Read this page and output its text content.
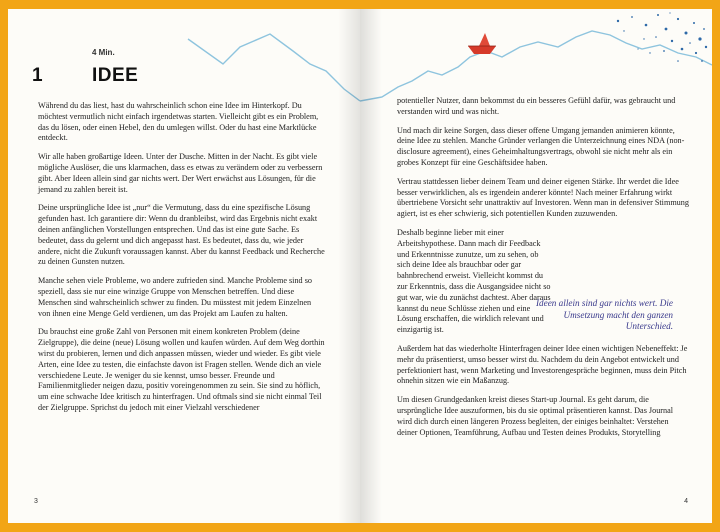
4 Min.
1	IDEE

Während du das liest, hast du wahrscheinlich schon eine Idee im Hinterkopf. Du möchtest vermutlich nicht einfach irgendetwas starten. Vielleicht gibt es ein Problem, das du lösen, oder einen Hebel, den du umlegen willst. Oder du hast eine Marktlücke entdeckt.

Wir alle haben großartige Ideen. Unter der Dusche. Mitten in der Nacht. Es gibt viele mögliche Auslöser, die uns klarmachen, dass es etwas zu verändern oder zu verbessern gibt. Aber Ideen allein sind gar nichts wert. Der Wert erwächst aus Lösungen, für die jemand zu zahlen bereit ist.

Deine ursprüngliche Idee ist „nur“ die Vermutung, dass du eine spezifische Lösung gefunden hast. Ich garantiere dir: Wenn du dranbleibst, wird das Ergebnis nicht exakt deinen anfänglichen Vorstellungen entsprechen. Und das ist eine gute Sache. Es bedeutet, dass du gelernt und dich angepasst hast. Es bedeutet, dass du, wie jeder andere, nicht die Zukunft voraussagen kannst. Aber du kannst Feedback und Recherche zu deinen Gunsten nutzen.

Manche sehen viele Probleme, wo andere zufrieden sind. Manche Probleme sind so speziell, dass sie nur eine winzige Gruppe von Menschen betreffen. Und diese Menschen sind wahrscheinlich schwer zu finden. Du müsstest mit jedem Einzelnen von ihnen eine Menge Geld verdienen, um das Projekt am Laufen zu halten.

Du brauchst eine große Zahl von Personen mit einem konkreten Problem (deine Zielgruppe), die deine (neue) Lösung wollen und kaufen würden. Auf dem Weg dorthin wirst du probieren, lernen und dich anpassen müssen, wieder und wieder. Es gibt viele Arten, eine Idee zu testen, die einfachste davon ist Fragen stellen. Wende dich an viele verschiedene Leute. Je weniger du sie kennst, umso besser. Freunde und Familienmitglieder neigen dazu, positiv voreingenommen zu sein. Sie sind zu höflich, um eine schwache Idee kritisch zu hinterfragen. Und oftmals sind sie nicht einmal Teil der Zielgruppe. Sprichst du jedoch mit einer Vielzahl verschiedener

3

potentieller Nutzer, dann bekommst du ein besseres Gefühl dafür, was gebraucht und verstanden wird und was nicht.

Und mach dir keine Sorgen, dass dieser offene Umgang jemanden animieren könnte, deine Idee zu stehlen. Manche Gründer verlangen die Unterzeichnung eines NDA (non-disclosure agreement), eines Geheimhaltungsvertrags, obwohl sie nicht mehr als ein grobes Konzept für eine Geschäftsidee haben.

Vertrau stattdessen lieber deinem Team und deiner eigenen Stärke. Ihr werdet die Idee besser verwirklichen, als es irgendein anderer könnte! Nach meiner Erfahrung wirkt übertriebene Vorsicht sehr unattraktiv auf Investoren. Wenn man in defensiver Stimmung agiert, ist es eher schwierig, sich potentiellen Kunden zuzuwenden.

Deshalb beginne lieber mit einer Arbeitshypothese. Dann mach dir Feedback und Erkenntnisse zunutze, um zu sehen, ob sich deine Idee als brauchbar oder gar bahnbrechend erweist. Vielleicht kommst du zur Erkenntnis, dass die Ausgangsidee nicht so gut war, wie du zunächst dachtest. Aber daraus kannst du neue Schlüsse ziehen und eine Lösung erschaffen, die wirklich relevant und einzigartig ist.

Außerdem hat das wiederholte Hinterfragen deiner Idee einen wichtigen Nebeneffekt: Je mehr du präsentierst, umso besser wirst du. Nachdem du dein Angebot entwickelt und perfektioniert hast, wenn Marketing und Investorengespräche beginnen, muss dein Pitch ohnehin sitzen wie ein Maßanzug.

Um diesen Grundgedanken kreist dieses Start-up Journal. Es geht darum, die ursprüngliche Idee auszuformen, bis du sie optimal präsentieren kannst. Das Journal wird dich durch einen längeren Prozess begleiten, der einiges beinhaltet: Verstehen deiner Optionen, Teamführung, Aufbau und Testen deines Produkts, Storytelling

Ideen allein sind gar nichts wert. Die Umsetzung macht den ganzen Unterschied.
4
